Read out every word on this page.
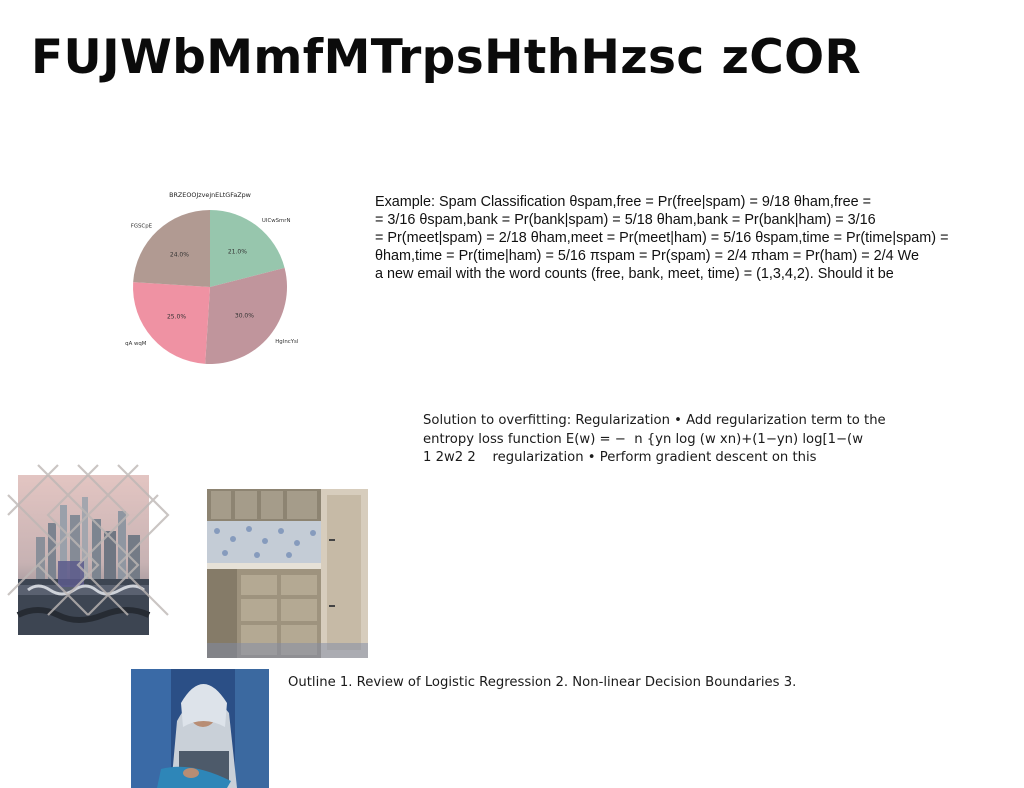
FUJWbMmfMTrpsHthHzsc zCOR
BRZEOOJzvejnELtGFaZpw
21.0%
UICwSmrN
30.0%
HgIncYsl
25.0%
qA wqM
24.0%
FGSCpE
Example: Spam Classification θspam,free = Pr(free|spam) = 9/18 θham,free =
= 3/16 θspam,bank = Pr(bank|spam) = 5/18 θham,bank = Pr(bank|ham) = 3/16
= Pr(meet|spam) = 2/18 θham,meet = Pr(meet|ham) = 5/16 θspam,time = Pr(time|spam) =
θham,time = Pr(time|ham) = 5/16 πspam = Pr(spam) = 2/4 πham = Pr(ham) = 2/4 We
a new email with the word counts (free, bank, meet, time) = (1,3,4,2). Should it be
Solution to overfitting: Regularization • Add regularization term to the
entropy loss function E(w) = − ￼ n {yn log ￼(w ￼xn)+(1−yn) log[1−￼(w
1 2￼￼w￼2 2 ￼ ￼￼ ￼ regularization • Perform gradient descent on this
Outline 1. Review of Logistic Regression 2. Non-linear Decision Boundaries 3.
